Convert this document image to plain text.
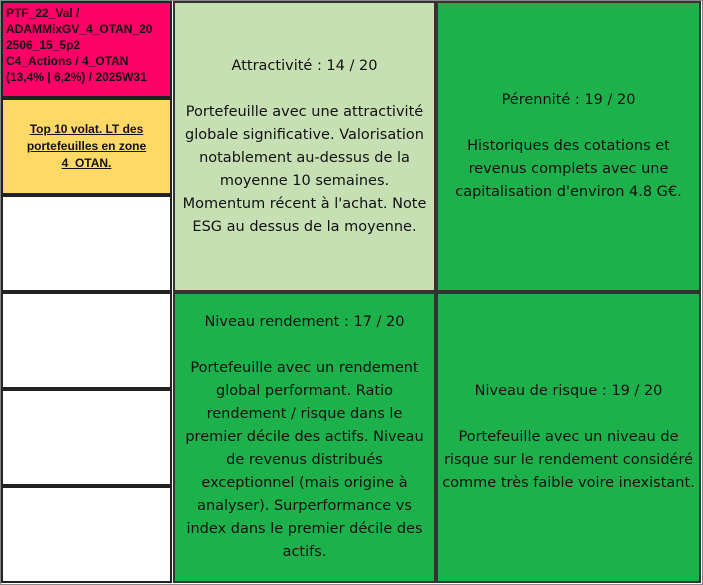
PTF_22_Val /
ADAMMixGV_4_OTAN_20
2506_15_5p2
C4_Actions / 4_OTAN
(13,4% | 6,2%) / 2025W31
Top 10 volat. LT des portefeuilles en zone 4_OTAN.
Attractivité : 14 / 20
Portefeuille avec une attractivité globale significative. Valorisation notablement au-dessus de la moyenne 10 semaines. Momentum récent à l'achat. Note ESG au dessus de la moyenne.
Pérennité : 19 / 20
Historiques des cotations et revenus complets avec une capitalisation d'environ 4.8 G€.
Niveau rendement : 17 / 20
Portefeuille avec un rendement global performant. Ratio rendement / risque dans le premier décile des actifs. Niveau de revenus distribués exceptionnel (mais origine à analyser). Surperformance vs index dans le premier décile des actifs.
Niveau de risque : 19 / 20
Portefeuille avec un niveau de risque sur le rendement considéré comme très faible voire inexistant.
